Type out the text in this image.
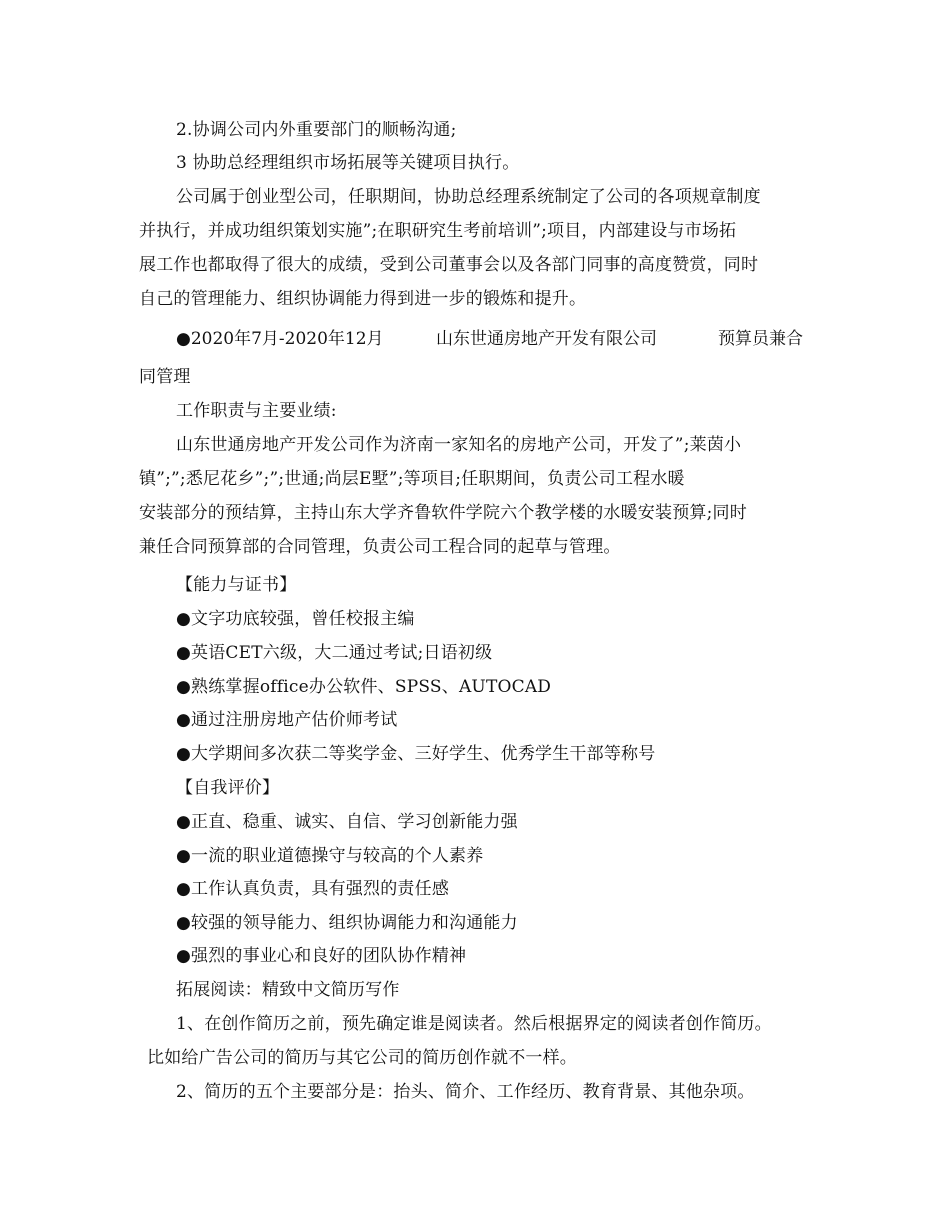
2.协调公司内外重要部门的顺畅沟通;
3 协助总经理组织市场拓展等关键项目执行。
公司属于创业型公司，任职期间，协助总经理系统制定了公司的各项规章制度
并执行，并成功组织策划实施”;在职研究生考前培训”;项目，内部建设与市场拓
展工作也都取得了很大的成绩，受到公司董事会以及各部门同事的高度赞赏，同时
自己的管理能力、组织协调能力得到进一步的锻炼和提升。
●2020年7月-2020年12月	山东世通房地产开发有限公司	预算员兼合
同管理
工作职责与主要业绩:
山东世通房地产开发公司作为济南一家知名的房地产公司，开发了”;莱茵小
镇”;”;悉尼花乡”;”;世通;尚层E墅”;等项目;任职期间，负责公司工程水暖
安装部分的预结算，主持山东大学齐鲁软件学院六个教学楼的水暖安装预算;同时
兼任合同预算部的合同管理，负责公司工程合同的起草与管理。
【能力与证书】
●文字功底较强，曾任校报主编
●英语CET六级，大二通过考试;日语初级
●熟练掌握office办公软件、SPSS、AUTOCAD
●通过注册房地产估价师考试
●大学期间多次获二等奖学金、三好学生、优秀学生干部等称号
【自我评价】
●正直、稳重、诚实、自信、学习创新能力强
●一流的职业道德操守与较高的个人素养
●工作认真负责，具有强烈的责任感
●较强的领导能力、组织协调能力和沟通能力
●强烈的事业心和良好的团队协作精神
拓展阅读：精致中文简历写作
1、在创作简历之前，预先确定谁是阅读者。然后根据界定的阅读者创作简历。
比如给广告公司的简历与其它公司的简历创作就不一样。
2、简历的五个主要部分是：抬头、简介、工作经历、教育背景、其他杂项。
